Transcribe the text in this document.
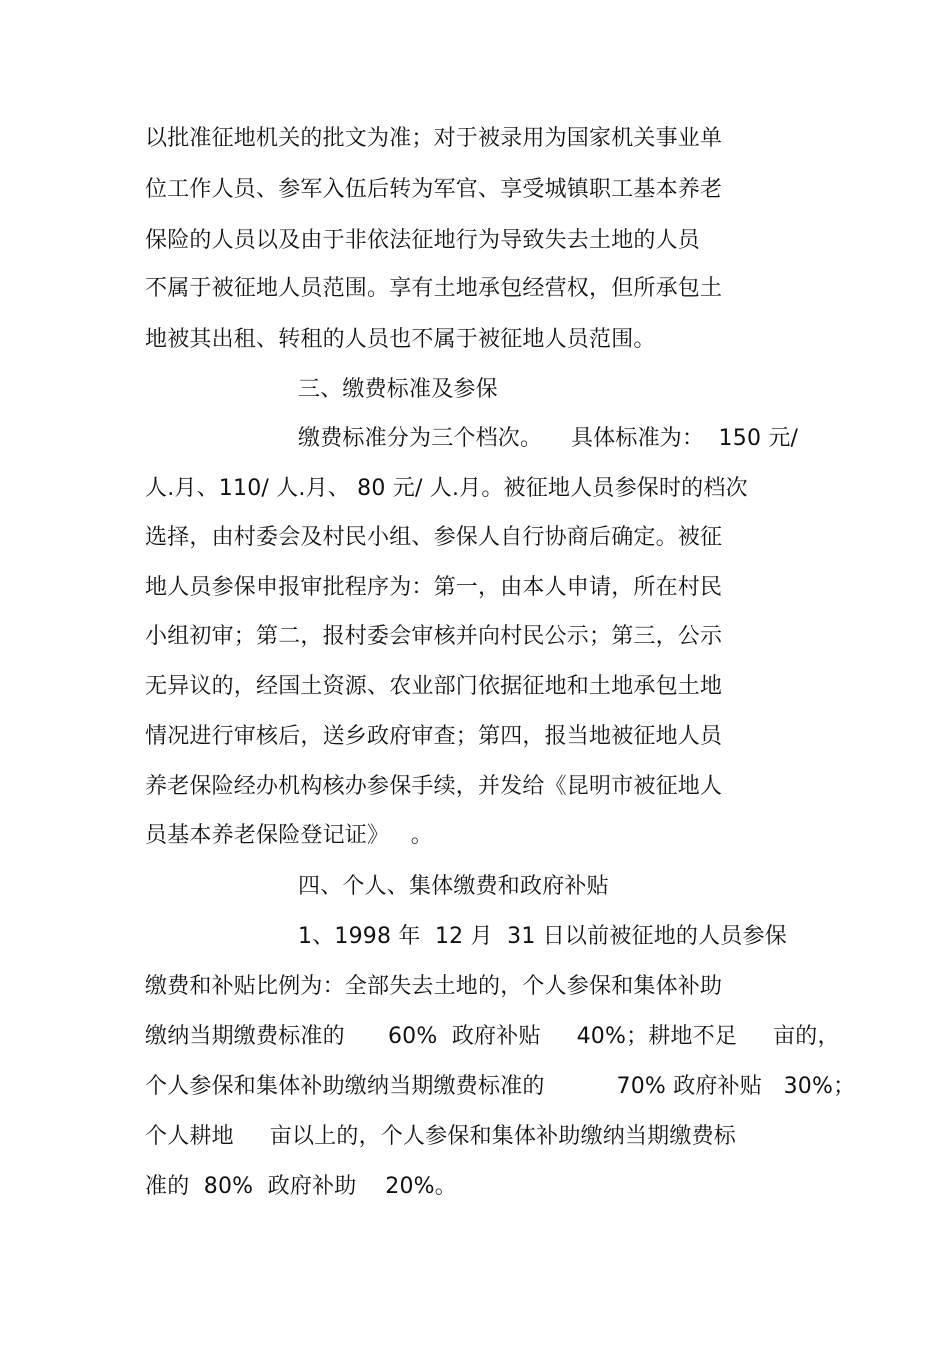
以批准征地机关的批文为准；对于被录用为国家机关事业单
位工作人员、参军入伍后转为军官、享受城镇职工基本养老
保险的人员以及由于非依法征地行为导致失去土地的人员
不属于被征地人员范围。享有土地承包经营权，但所承包土
地被其出租、转租的人员也不属于被征地人员范围。
三、缴费标准及参保
缴费标准分为三个档次。    具体标准为：  150 元/
人.月、110/ 人.月、 80 元/ 人.月。被征地人员参保时的档次
选择，由村委会及村民小组、参保人自行协商后确定。被征
地人员参保申报审批程序为：第一，由本人申请，所在村民
小组初审；第二，报村委会审核并向村民公示；第三，公示
无异议的，经国土资源、农业部门依据征地和土地承包土地
情况进行审核后，送乡政府审查；第四，报当地被征地人员
养老保险经办机构核办参保手续，并发给《昆明市被征地人
员基本养老保险登记证》   。
四、个人、集体缴费和政府补贴
1、1998 年  12 月  31 日以前被征地的人员参保
缴费和补贴比例为：全部失去土地的，个人参保和集体补助
缴纳当期缴费标准的      60%  政府补贴     40%；耕地不足     亩的，
个人参保和集体补助缴纳当期缴费标准的          70% 政府补贴   30%；
个人耕地     亩以上的，个人参保和集体补助缴纳当期缴费标
准的  80%  政府补助    20%。
